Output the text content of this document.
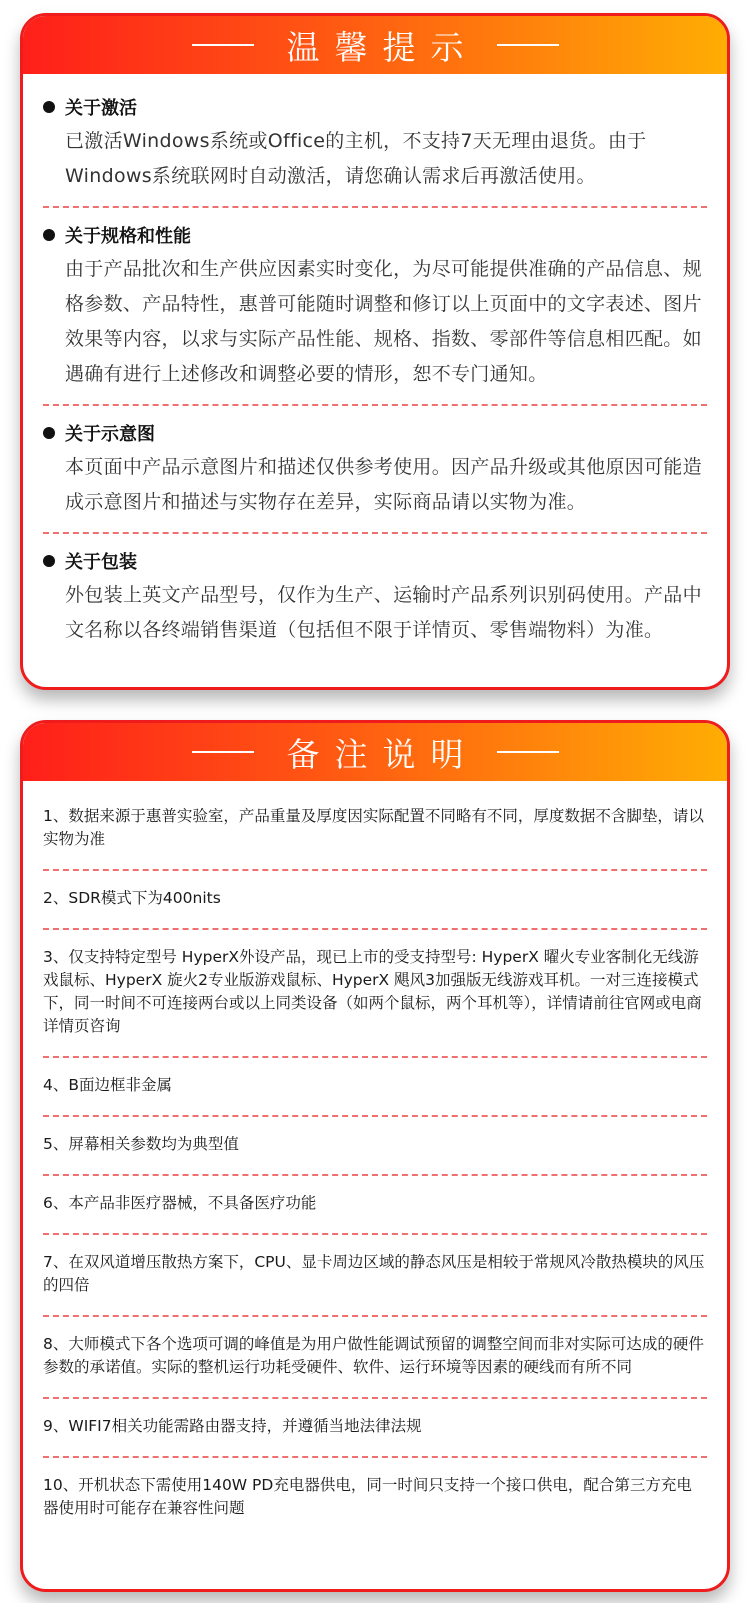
温馨提示
关于激活

已激活Windows系统或Office的主机，不支持7天无理由退货。由于Windows系统联网时自动激活，请您确认需求后再激活使用。

关于规格和性能

由于产品批次和生产供应因素实时变化，为尽可能提供准确的产品信息、规格参数、产品特性，惠普可能随时调整和修订以上页面中的文字表述、图片效果等内容，以求与实际产品性能、规格、指数、零部件等信息相匹配。如遇确有进行上述修改和调整必要的情形，恕不专门通知。

关于示意图

本页面中产品示意图片和描述仅供参考使用。因产品升级或其他原因可能造成示意图片和描述与实物存在差异，实际商品请以实物为准。

关于包装

外包装上英文产品型号，仅作为生产、运输时产品系列识别码使用。产品中文名称以各终端销售渠道（包括但不限于详情页、零售端物料）为准。

备注说明

1、数据来源于惠普实验室，产品重量及厚度因实际配置不同略有不同，厚度数据不含脚垫，请以实物为准

2、SDR模式下为400nits

3、仅支持特定型号 HyperX外设产品，现已上市的受支持型号: HyperX 曜火专业客制化无线游戏鼠标、HyperX 旋火2专业版游戏鼠标、HyperX 飓风3加强版无线游戏耳机。一对三连接模式下，同一时间不可连接两台或以上同类设备（如两个鼠标，两个耳机等），详情请前往官网或电商详情页咨询

4、B面边框非金属

5、屏幕相关参数均为典型值

6、本产品非医疗器械，不具备医疗功能

7、在双风道增压散热方案下，CPU、显卡周边区域的静态风压是相较于常规风冷散热模块的风压的四倍

8、大师模式下各个选项可调的峰值是为用户做性能调试预留的调整空间而非对实际可达成的硬件参数的承诺值。实际的整机运行功耗受硬件、软件、运行环境等因素的硬线而有所不同

9、WIFI7相关功能需路由器支持，并遵循当地法律法规

10、开机状态下需使用140W PD充电器供电，同一时间只支持一个接口供电，配合第三方充电器使用时可能存在兼容性问题
